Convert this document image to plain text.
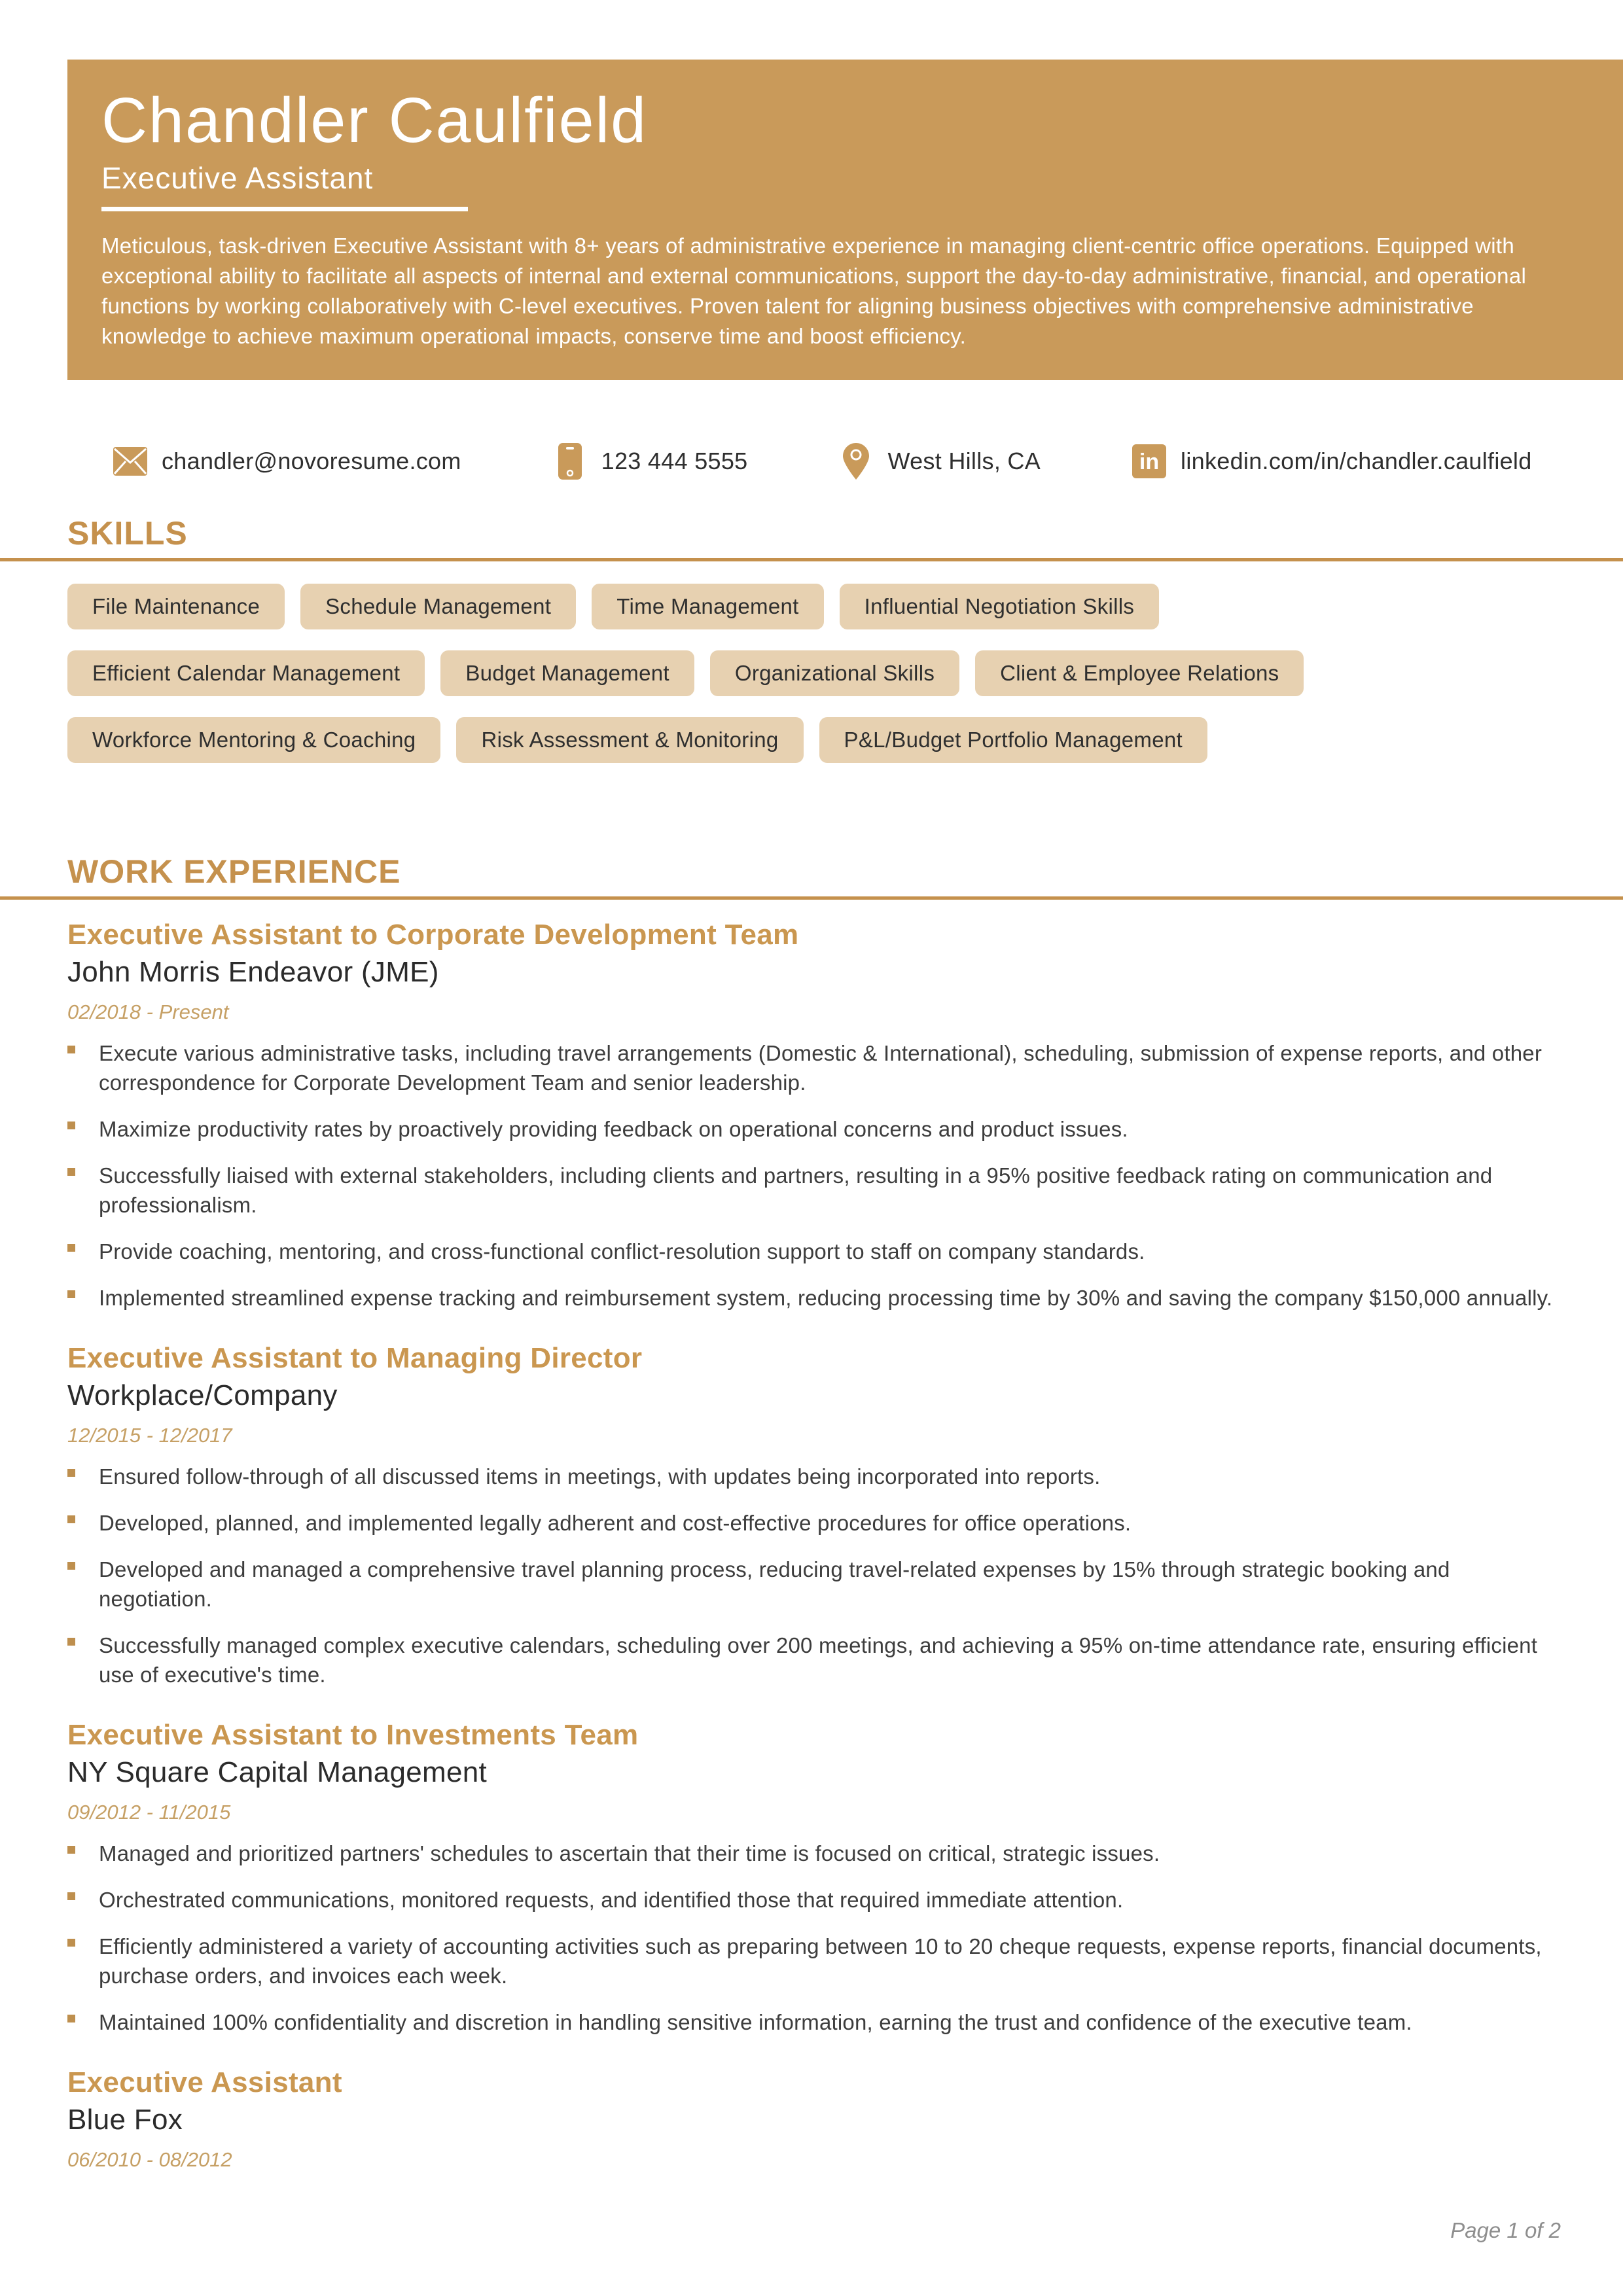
Chandler Caulfield
Executive Assistant
Meticulous, task-driven Executive Assistant with 8+ years of administrative experience in managing client-centric office operations. Equipped with exceptional ability to facilitate all aspects of internal and external communications, support the day-to-day administrative, financial, and operational functions by working collaboratively with C-level executives. Proven talent for aligning business objectives with comprehensive administrative knowledge to achieve maximum operational impacts, conserve time and boost efficiency.
chandler@novoresume.com	123 444 5555	West Hills, CA	in linkedin.com/in/chandler.caulfield
SKILLS
File Maintenance	Schedule Management	Time Management	Influential Negotiation Skills
Efficient Calendar Management	Budget Management	Organizational Skills	Client & Employee Relations
Workforce Mentoring & Coaching	Risk Assessment & Monitoring	P&L/Budget Portfolio Management
WORK EXPERIENCE
Executive Assistant to Corporate Development Team
John Morris Endeavor (JME)
02/2018 - Present
Execute various administrative tasks, including travel arrangements (Domestic & International), scheduling, submission of expense reports, and other correspondence for Corporate Development Team and senior leadership.
Maximize productivity rates by proactively providing feedback on operational concerns and product issues.
Successfully liaised with external stakeholders, including clients and partners, resulting in a 95% positive feedback rating on communication and professionalism.
Provide coaching, mentoring, and cross-functional conflict-resolution support to staff on company standards.
Implemented streamlined expense tracking and reimbursement system, reducing processing time by 30% and saving the company $150,000 annually.
Executive Assistant to Managing Director
Workplace/Company
12/2015 - 12/2017
Ensured follow-through of all discussed items in meetings, with updates being incorporated into reports.
Developed, planned, and implemented legally adherent and cost-effective procedures for office operations.
Developed and managed a comprehensive travel planning process, reducing travel-related expenses by 15% through strategic booking and negotiation.
Successfully managed complex executive calendars, scheduling over 200 meetings, and achieving a 95% on-time attendance rate, ensuring efficient use of executive's time.
Executive Assistant to Investments Team
NY Square Capital Management
09/2012 - 11/2015
Managed and prioritized partners' schedules to ascertain that their time is focused on critical, strategic issues.
Orchestrated communications, monitored requests, and identified those that required immediate attention.
Efficiently administered a variety of accounting activities such as preparing between 10 to 20 cheque requests, expense reports, financial documents, purchase orders, and invoices each week.
Maintained 100% confidentiality and discretion in handling sensitive information, earning the trust and confidence of the executive team.
Executive Assistant
Blue Fox
06/2010 - 08/2012
Page 1 of 2
